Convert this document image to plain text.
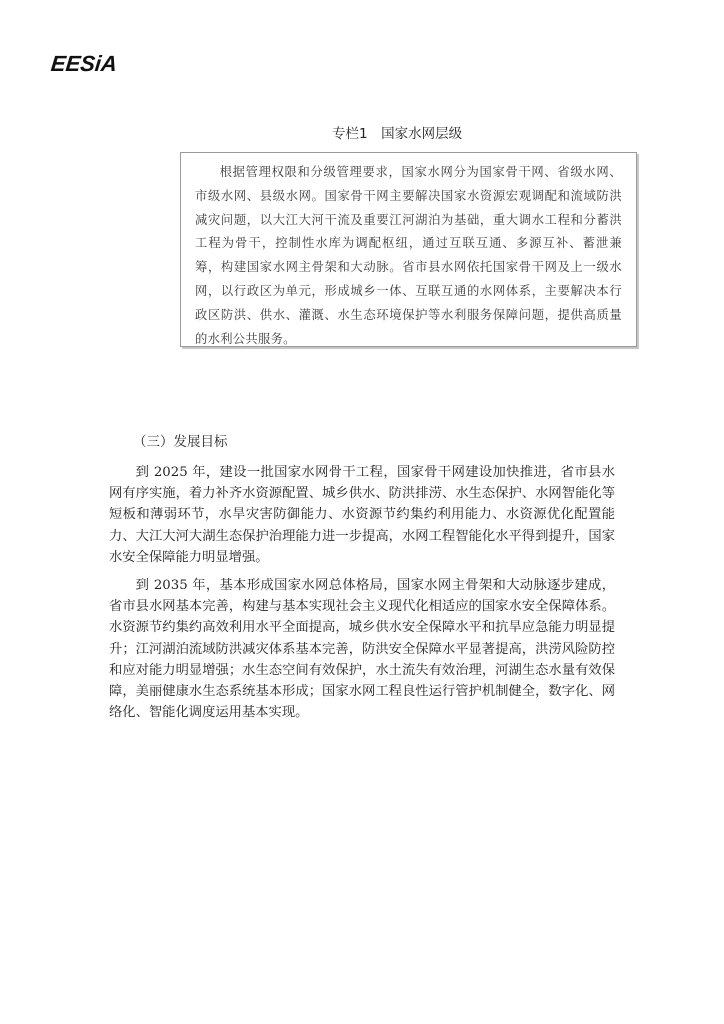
EESiA
专栏1　国家水网层级

根据管理权限和分级管理要求，国家水网分为国家骨干网、省级水网、市级水网、县级水网。国家骨干网主要解决国家水资源宏观调配和流域防洪减灾问题，以大江大河干流及重要江河湖泊为基础，重大调水工程和分蓄洪工程为骨干，控制性水库为调配枢纽，通过互联互通、多源互补、蓄泄兼筹，构建国家水网主骨架和大动脉。省市县水网依托国家骨干网及上一级水网，以行政区为单元，形成城乡一体、互联互通的水网体系，主要解决本行政区防洪、供水、灌溉、水生态环境保护等水利服务保障问题，提供高质量的水利公共服务。

（三）发展目标

到 2025 年，建设一批国家水网骨干工程，国家骨干网建设加快推进，省市县水网有序实施，着力补齐水资源配置、城乡供水、防洪排涝、水生态保护、水网智能化等短板和薄弱环节，水旱灾害防御能力、水资源节约集约利用能力、水资源优化配置能力、大江大河大湖生态保护治理能力进一步提高，水网工程智能化水平得到提升，国家水安全保障能力明显增强。

到 2035 年，基本形成国家水网总体格局，国家水网主骨架和大动脉逐步建成，省市县水网基本完善，构建与基本实现社会主义现代化相适应的国家水安全保障体系。水资源节约集约高效利用水平全面提高，城乡供水安全保障水平和抗旱应急能力明显提升；江河湖泊流域防洪减灾体系基本完善，防洪安全保障水平显著提高，洪涝风险防控和应对能力明显增强；水生态空间有效保护，水土流失有效治理，河湖生态水量有效保障，美丽健康水生态系统基本形成；国家水网工程良性运行管护机制健全，数字化、网络化、智能化调度运用基本实现。
